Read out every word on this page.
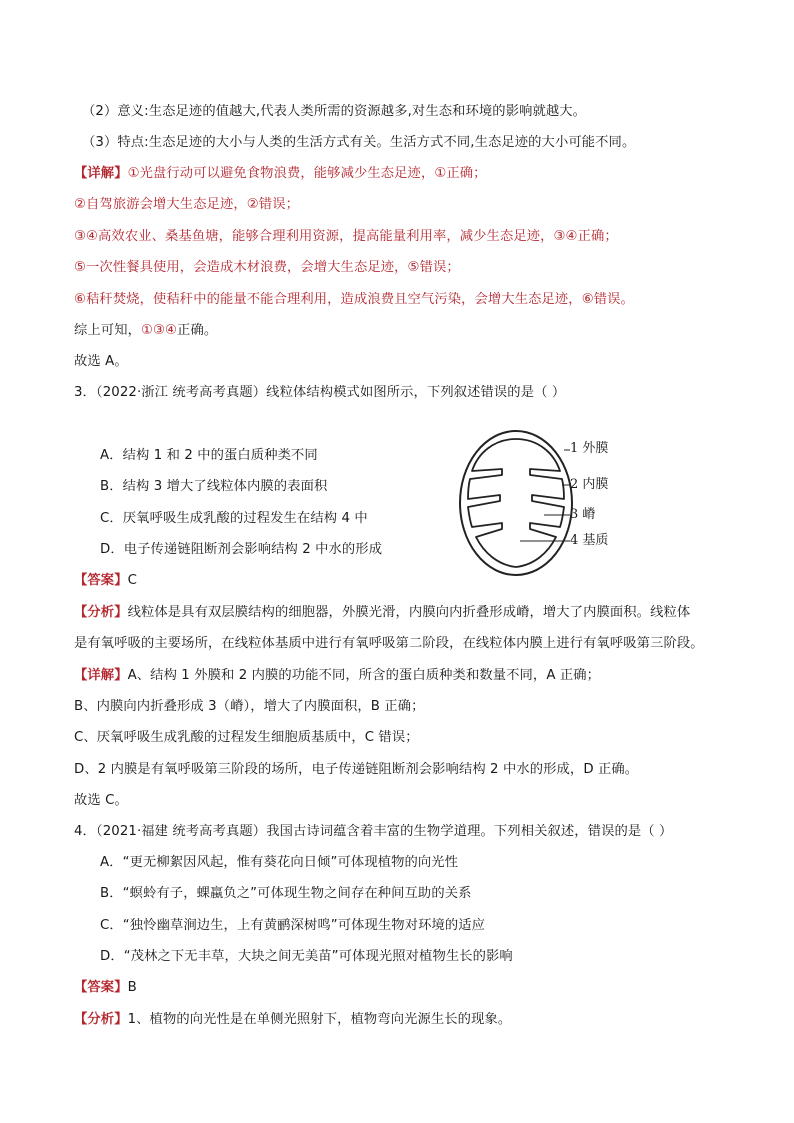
（2）意义:生态足迹的值越大,代表人类所需的资源越多,对生态和环境的影响就越大。
（3）特点:生态足迹的大小与人类的生活方式有关。生活方式不同,生态足迹的大小可能不同。
【详解】①光盘行动可以避免食物浪费，能够减少生态足迹，①正确；
②自驾旅游会增大生态足迹，②错误；
③④高效农业、桑基鱼塘，能够合理利用资源，提高能量利用率，减少生态足迹，③④正确；
⑤一次性餐具使用，会造成木材浪费，会增大生态足迹，⑤错误；
⑥秸秆焚烧，使秸秆中的能量不能合理利用，造成浪费且空气污染，会增大生态足迹，⑥错误。
综上可知，①③④正确。
故选 A。
3．（2022·浙江 统考高考真题）线粒体结构模式如图所示，下列叙述错误的是（ ）
A．结构 1 和 2 中的蛋白质种类不同
B．结构 3 增大了线粒体内膜的表面积
C．厌氧呼吸生成乳酸的过程发生在结构 4 中
D．电子传递链阻断剂会影响结构 2 中水的形成
1 外膜
2 内膜
3 嵴
4 基质
【答案】C
【分析】线粒体是具有双层膜结构的细胞器，外膜光滑，内膜向内折叠形成嵴，增大了内膜面积。线粒体
是有氧呼吸的主要场所，在线粒体基质中进行有氧呼吸第二阶段，在线粒体内膜上进行有氧呼吸第三阶段。
【详解】A、结构 1 外膜和 2 内膜的功能不同，所含的蛋白质种类和数量不同，A 正确；
B、内膜向内折叠形成 3（嵴），增大了内膜面积，B 正确；
C、厌氧呼吸生成乳酸的过程发生细胞质基质中，C 错误；
D、2 内膜是有氧呼吸第三阶段的场所，电子传递链阻断剂会影响结构 2 中水的形成，D 正确。
故选 C。
4．（2021·福建 统考高考真题）我国古诗词蕴含着丰富的生物学道理。下列相关叙述，错误的是（ ）
A．“更无柳絮因风起，惟有葵花向日倾”可体现植物的向光性
B．“螟蛉有子，蜾蠃负之”可体现生物之间存在种间互助的关系
C．“独怜幽草涧边生，上有黄鹂深树鸣”可体现生物对环境的适应
D．“茂林之下无丰草，大块之间无美苗”可体现光照对植物生长的影响
【答案】B
【分析】1、植物的向光性是在单侧光照射下，植物弯向光源生长的现象。
